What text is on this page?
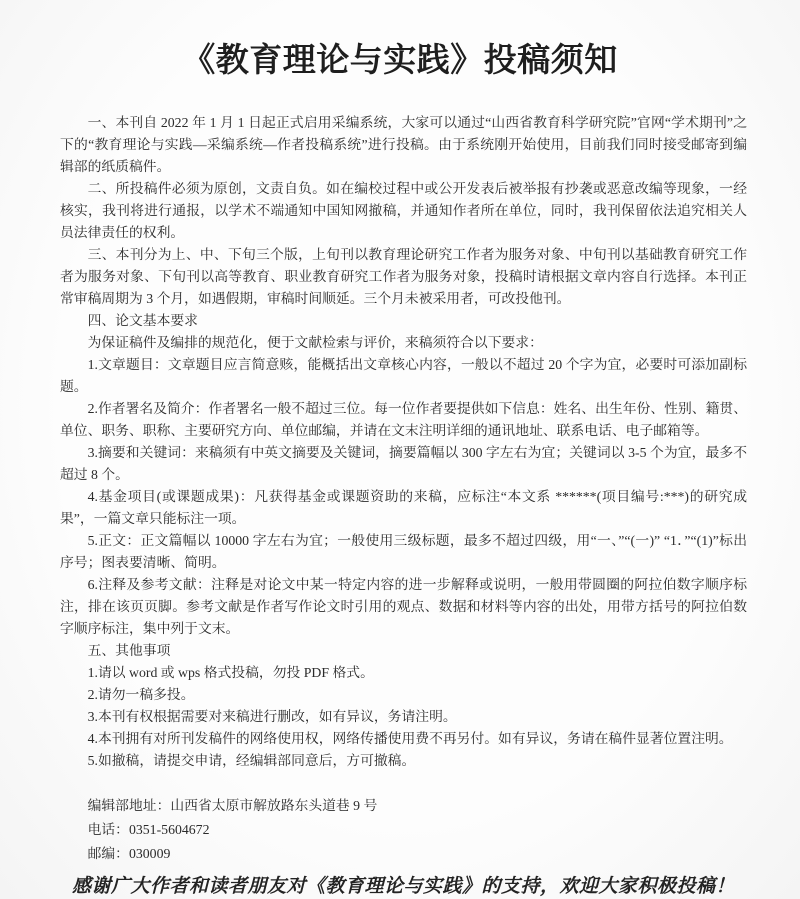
《教育理论与实践》投稿须知

一、本刊自 2022 年 1 月 1 日起正式启用采编系统，大家可以通过“山西省教育科学研究院”官网“学术期刊”之下的“教育理论与实践—采编系统—作者投稿系统”进行投稿。由于系统刚开始使用，目前我们同时接受邮寄到编辑部的纸质稿件。

二、所投稿件必须为原创，文责自负。如在编校过程中或公开发表后被举报有抄袭或恶意改编等现象，一经核实，我刊将进行通报，以学术不端通知中国知网撤稿，并通知作者所在单位，同时，我刊保留依法追究相关人员法律责任的权利。

三、本刊分为上、中、下旬三个版，上旬刊以教育理论研究工作者为服务对象、中旬刊以基础教育研究工作者为服务对象、下旬刊以高等教育、职业教育研究工作者为服务对象，投稿时请根据文章内容自行选择。本刊正常审稿周期为 3 个月，如遇假期，审稿时间顺延。三个月未被采用者，可改投他刊。

四、论文基本要求

为保证稿件及编排的规范化，便于文献检索与评价，来稿须符合以下要求：

1.文章题目：文章题目应言简意赅，能概括出文章核心内容，一般以不超过 20 个字为宜，必要时可添加副标题。

2.作者署名及简介：作者署名一般不超过三位。每一位作者要提供如下信息：姓名、出生年份、性别、籍贯、单位、职务、职称、主要研究方向、单位邮编，并请在文末注明详细的通讯地址、联系电话、电子邮箱等。

3.摘要和关键词：来稿须有中英文摘要及关键词，摘要篇幅以 300 字左右为宜；关键词以 3-5 个为宜，最多不超过 8 个。

4.基金项目(或课题成果)：凡获得基金或课题资助的来稿，应标注“本文系 ******(项目编号:***)的研究成果”，一篇文章只能标注一项。

5.正文：正文篇幅以 10000 字左右为宜；一般使用三级标题，最多不超过四级，用“一、”“(一)” “1．”“(1)”标出序号；图表要清晰、简明。

6.注释及参考文献：注释是对论文中某一特定内容的进一步解释或说明，一般用带圆圈的阿拉伯数字顺序标注，排在该页页脚。参考文献是作者写作论文时引用的观点、数据和材料等内容的出处，用带方括号的阿拉伯数字顺序标注，集中列于文末。

五、其他事项

1.请以 word 或 wps 格式投稿，勿投 PDF 格式。

2.请勿一稿多投。

3.本刊有权根据需要对来稿进行删改，如有异议，务请注明。

4.本刊拥有对所刊发稿件的网络使用权，网络传播使用费不再另付。如有异议，务请在稿件显著位置注明。

5.如撤稿，请提交申请，经编辑部同意后，方可撤稿。

编辑部地址：山西省太原市解放路东头道巷 9 号

电话：0351-5604672

邮编：030009

感谢广大作者和读者朋友对《教育理论与实践》的支持，欢迎大家积极投稿！
